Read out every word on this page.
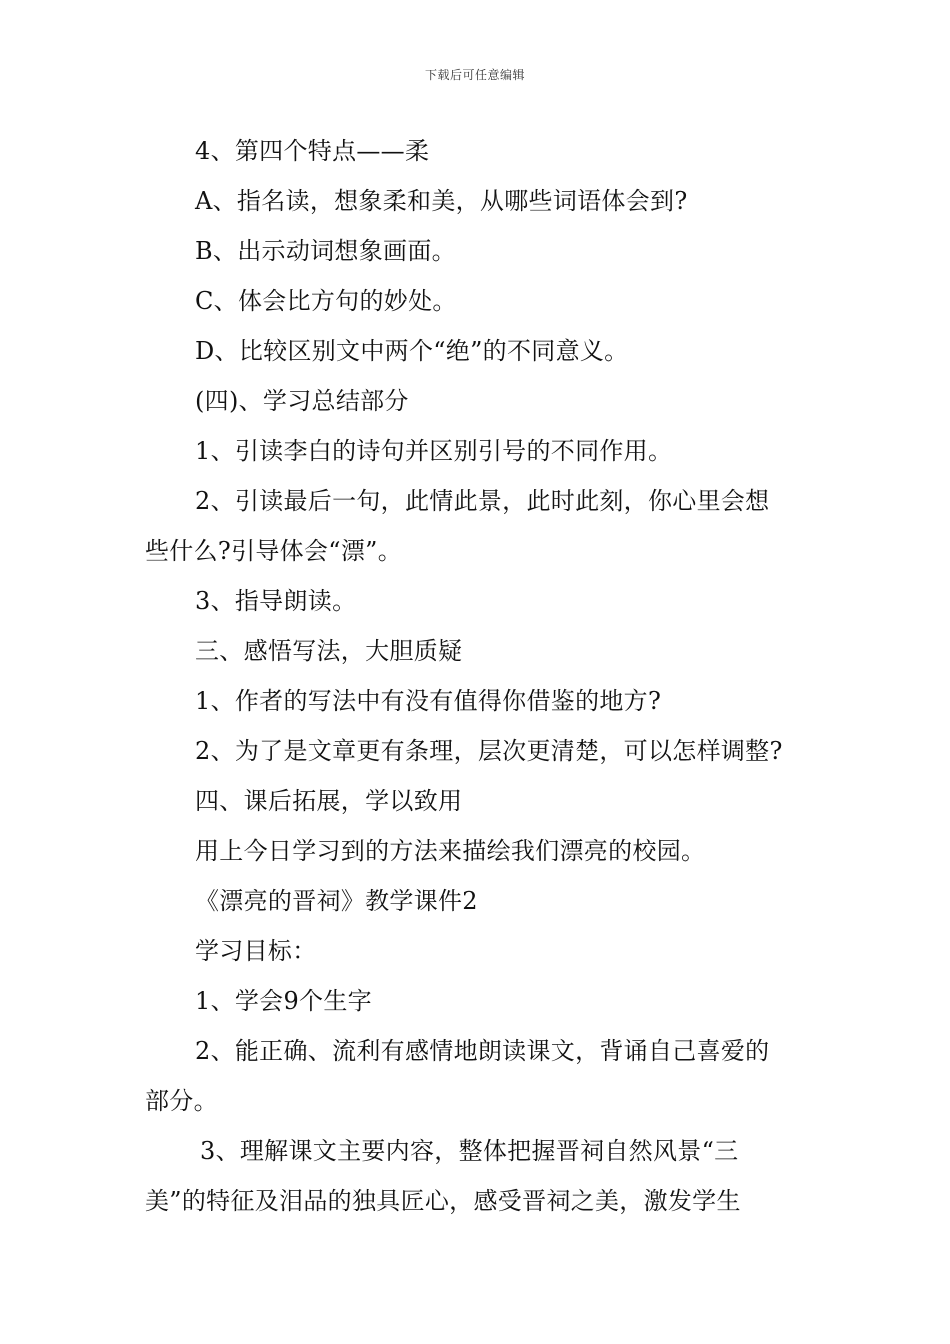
下载后可任意编辑
4、第四个特点——柔
A、指名读，想象柔和美，从哪些词语体会到?
B、出示动词想象画面。
C、体会比方句的妙处。
D、比较区别文中两个“绝”的不同意义。
(四)、学习总结部分
1、引读李白的诗句并区别引号的不同作用。
2、引读最后一句，此情此景，此时此刻，你心里会想
些什么?引导体会“漂”。
3、指导朗读。
三、感悟写法，大胆质疑
1、作者的写法中有没有值得你借鉴的地方?
2、为了是文章更有条理，层次更清楚，可以怎样调整?
四、课后拓展，学以致用
用上今日学习到的方法来描绘我们漂亮的校园。
《漂亮的晋祠》教学课件2
学习目标：
1、学会9个生字
2、能正确、流利有感情地朗读课文，背诵自己喜爱的
部分。
3、理解课文主要内容，整体把握晋祠自然风景“三
美”的特征及泪品的独具匠心，感受晋祠之美，激发学生
